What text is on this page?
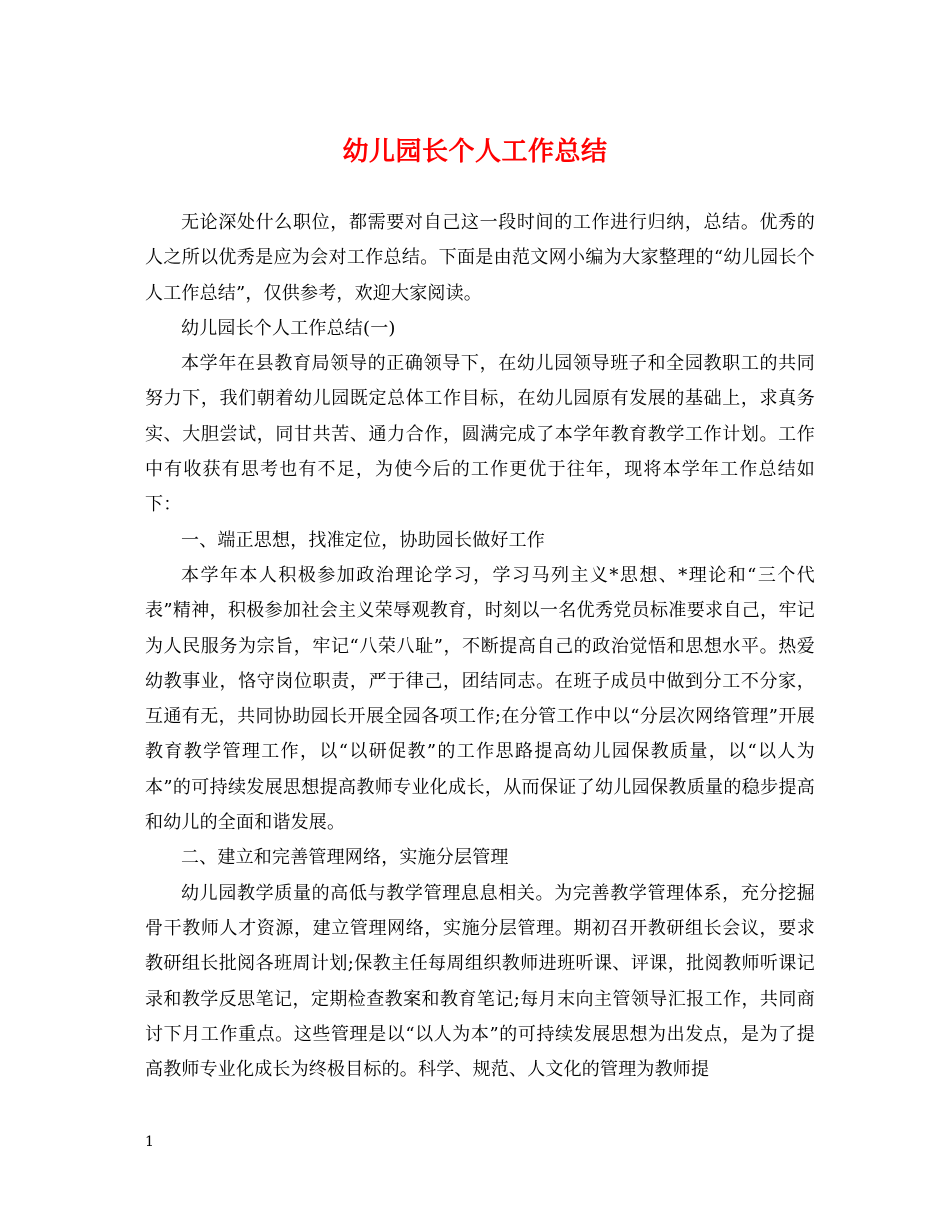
幼儿园长个人工作总结

无论深处什么职位，都需要对自己这一段时间的工作进行归纳，总结。优秀的人之所以优秀是应为会对工作总结。下面是由范文网小编为大家整理的“幼儿园长个人工作总结”，仅供参考，欢迎大家阅读。

幼儿园长个人工作总结(一)

本学年在县教育局领导的正确领导下，在幼儿园领导班子和全园教职工的共同努力下，我们朝着幼儿园既定总体工作目标，在幼儿园原有发展的基础上，求真务实、大胆尝试，同甘共苦、通力合作，圆满完成了本学年教育教学工作计划。工作中有收获有思考也有不足，为使今后的工作更优于往年，现将本学年工作总结如下：

一、端正思想，找准定位，协助园长做好工作

本学年本人积极参加政治理论学习，学习马列主义*思想、*理论和“三个代表”精神，积极参加社会主义荣辱观教育，时刻以一名优秀党员标准要求自己，牢记为人民服务为宗旨，牢记“八荣八耻”，不断提高自己的政治觉悟和思想水平。热爱幼教事业，恪守岗位职责，严于律己，团结同志。在班子成员中做到分工不分家，互通有无，共同协助园长开展全园各项工作;在分管工作中以“分层次网络管理”开展教育教学管理工作，以“以研促教”的工作思路提高幼儿园保教质量，以“以人为本”的可持续发展思想提高教师专业化成长，从而保证了幼儿园保教质量的稳步提高和幼儿的全面和谐发展。

二、建立和完善管理网络，实施分层管理

幼儿园教学质量的高低与教学管理息息相关。为完善教学管理体系，充分挖掘骨干教师人才资源，建立管理网络，实施分层管理。期初召开教研组长会议，要求教研组长批阅各班周计划;保教主任每周组织教师进班听课、评课，批阅教师听课记录和教学反思笔记，定期检查教案和教育笔记;每月末向主管领导汇报工作，共同商讨下月工作重点。这些管理是以“以人为本”的可持续发展思想为出发点，是为了提高教师专业化成长为终极目标的。科学、规范、人文化的管理为教师提

1
